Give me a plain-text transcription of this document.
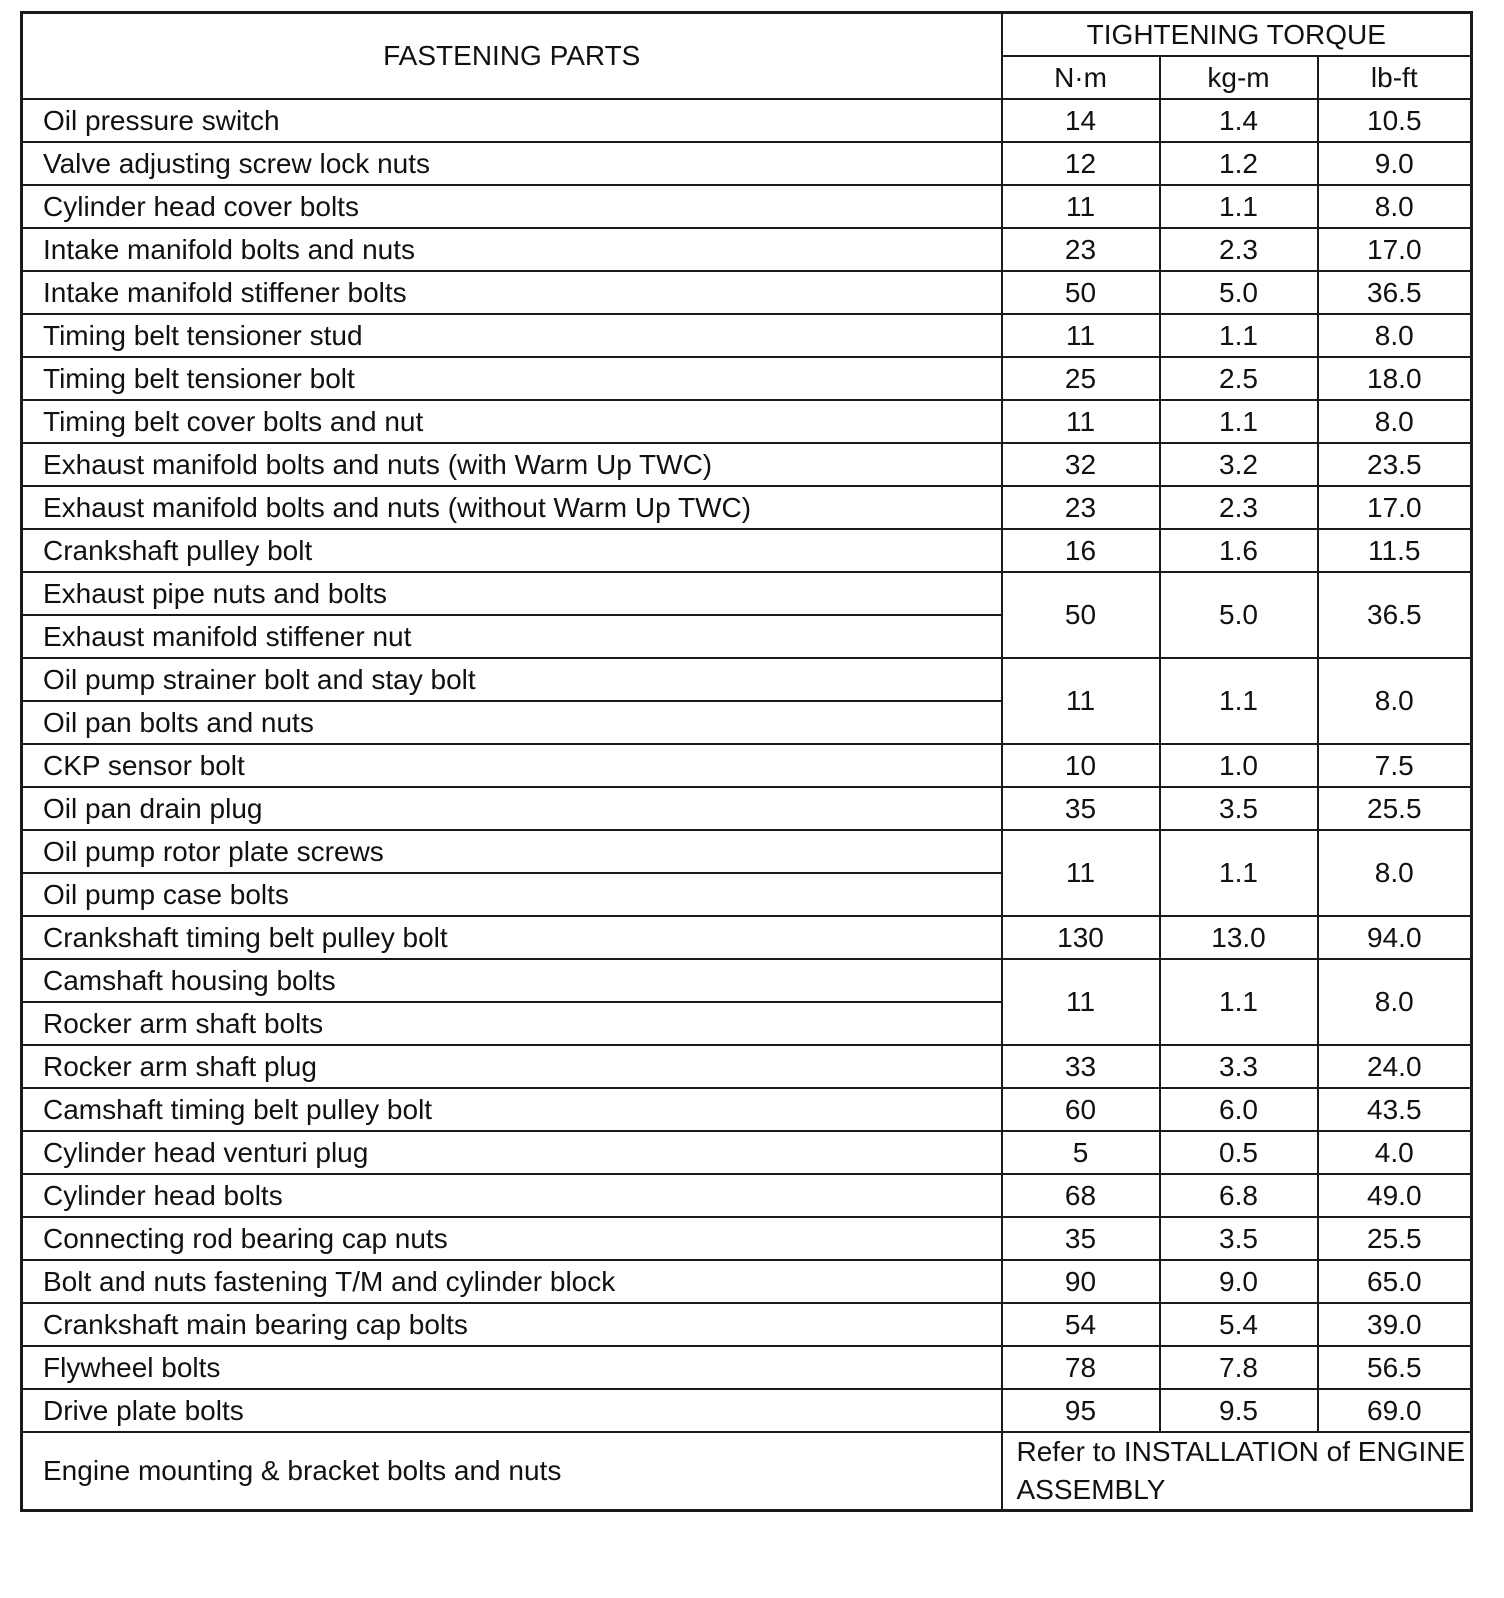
FASTENING PARTS	TIGHTENING TORQUE		
	N·m	kg-m	lb-ft
Oil pressure switch	14	1.4	10.5
Valve adjusting screw lock nuts	12	1.2	9.0
Cylinder head cover bolts	11	1.1	8.0
Intake manifold bolts and nuts	23	2.3	17.0
Intake manifold stiffener bolts	50	5.0	36.5
Timing belt tensioner stud	11	1.1	8.0
Timing belt tensioner bolt	25	2.5	18.0
Timing belt cover bolts and nut	11	1.1	8.0
Exhaust manifold bolts and nuts (with Warm Up TWC)	32	3.2	23.5
Exhaust manifold bolts and nuts (without Warm Up TWC)	23	2.3	17.0
Crankshaft pulley bolt	16	1.6	11.5
Exhaust pipe nuts and bolts	50	5.0	36.5
Exhaust manifold stiffener nut			
Oil pump strainer bolt and stay bolt	11	1.1	8.0
Oil pan bolts and nuts			
CKP sensor bolt	10	1.0	7.5
Oil pan drain plug	35	3.5	25.5
Oil pump rotor plate screws	11	1.1	8.0
Oil pump case bolts			
Crankshaft timing belt pulley bolt	130	13.0	94.0
Camshaft housing bolts	11	1.1	8.0
Rocker arm shaft bolts			
Rocker arm shaft plug	33	3.3	24.0
Camshaft timing belt pulley bolt	60	6.0	43.5
Cylinder head venturi plug	5	0.5	4.0
Cylinder head bolts	68	6.8	49.0
Connecting rod bearing cap nuts	35	3.5	25.5
Bolt and nuts fastening T/M and cylinder block	90	9.0	65.0
Crankshaft main bearing cap bolts	54	5.4	39.0
Flywheel bolts	78	7.8	56.5
Drive plate bolts	95	9.5	69.0
Engine mounting & bracket bolts and nuts	Refer to INSTALLATION of ENGINE ASSEMBLY		
